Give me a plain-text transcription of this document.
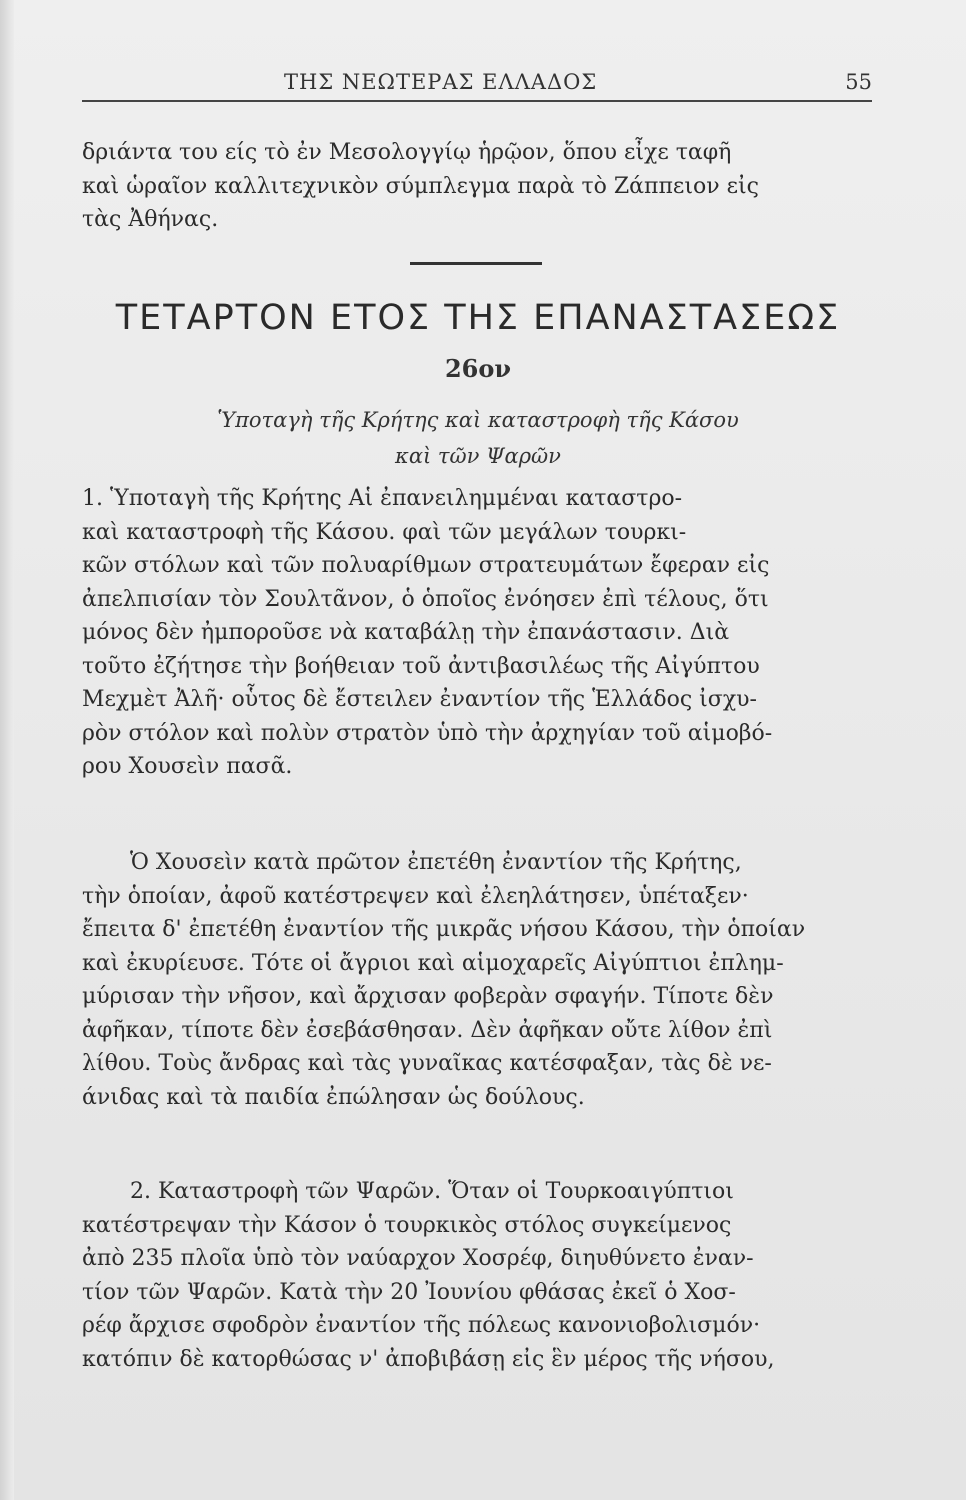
ΤΗΣ ΝΕΩΤΕΡΑΣ ΕΛΛΑΔΟΣ	55
δριάντα του είς τὸ ἐν Μεσολογγίῳ ἡρῷον, ὅπου εἶχε ταφῆ
καὶ ὡραῖον καλλιτεχνικὸν σύμπλεγμα παρὰ τὸ Ζάππειον εἰς
τὰς Ἀθήνας.
ΤΕΤΑΡΤΟΝ ΕΤΟΣ ΤΗΣ ΕΠΑΝΑΣΤΑΣΕΩΣ
26ον
Ὑποταγὴ τῆς Κρήτης καὶ καταστροφὴ τῆς Κάσου
καὶ τῶν Ψαρῶν
1. Ὑποταγὴ τῆς Κρήτης Αἱ ἐπανειλημμέναι καταστρο-
καὶ καταστροφὴ τῆς Κάσου. φαὶ τῶν μεγάλων τουρκι-
κῶν στόλων καὶ τῶν πολυαρίθμων στρατευμάτων ἔφεραν εἰς
ἀπελπισίαν τὸν Σουλτᾶνον, ὁ ὁποῖος ἐνόησεν ἐπὶ τέλους, ὅτι
μόνος δὲν ἠμποροῦσε νὰ καταβάλῃ τὴν ἐπανάστασιν. Διὰ
τοῦτο ἐζήτησε τὴν βοήθειαν τοῦ ἀντιβασιλέως τῆς Αἰγύπτου
Μεχμὲτ Ἀλῆ· οὗτος δὲ ἔστειλεν ἐναντίον τῆς Ἑλλάδος ἰσχυ-
ρὸν στόλον καὶ πολὺν στρατὸν ὑπὸ τὴν ἀρχηγίαν τοῦ αἱμοβό-
ρου Χουσεὶν πασᾶ.
Ὁ Χουσεὶν κατὰ πρῶτον ἐπετέθη ἐναντίον τῆς Κρήτης,
τὴν ὁποίαν, ἀφοῦ κατέστρεψεν καὶ ἐλεηλάτησεν, ὑπέταξεν·
ἔπειτα δ' ἐπετέθη ἐναντίον τῆς μικρᾶς νήσου Κάσου, τὴν ὁποίαν
καὶ ἐκυρίευσε. Τότε οἱ ἄγριοι καὶ αἱμοχαρεῖς Αἰγύπτιοι ἐπλημ-
μύρισαν τὴν νῆσον, καὶ ἄρχισαν φοβερὰν σφαγήν. Τίποτε δὲν
ἀφῆκαν, τίποτε δὲν ἐσεβάσθησαν. Δὲν ἀφῆκαν οὔτε λίθον ἐπὶ
λίθου. Τοὺς ἄνδρας καὶ τὰς γυναῖκας κατέσφαξαν, τὰς δὲ νε-
άνιδας καὶ τὰ παιδία ἐπώλησαν ὡς δούλους.
2. Καταστροφὴ τῶν Ψαρῶν. Ὅταν οἱ Τουρκοαιγύπτιοι
κατέστρεψαν τὴν Κάσον ὁ τουρκικὸς στόλος συγκείμενος
ἀπὸ 235 πλοῖα ὑπὸ τὸν ναύαρχον Χοσρέφ, διηυθύνετο ἐναν-
τίον τῶν Ψαρῶν. Κατὰ τὴν 20 Ἰουνίου φθάσας ἐκεῖ ὁ Χοσ-
ρέφ ἄρχισε σφοδρὸν ἐναντίον τῆς πόλεως κανονιοβολισμόν·
κατόπιν δὲ κατορθώσας ν' ἀποβιβάσῃ εἰς ἓν μέρος τῆς νήσου,
